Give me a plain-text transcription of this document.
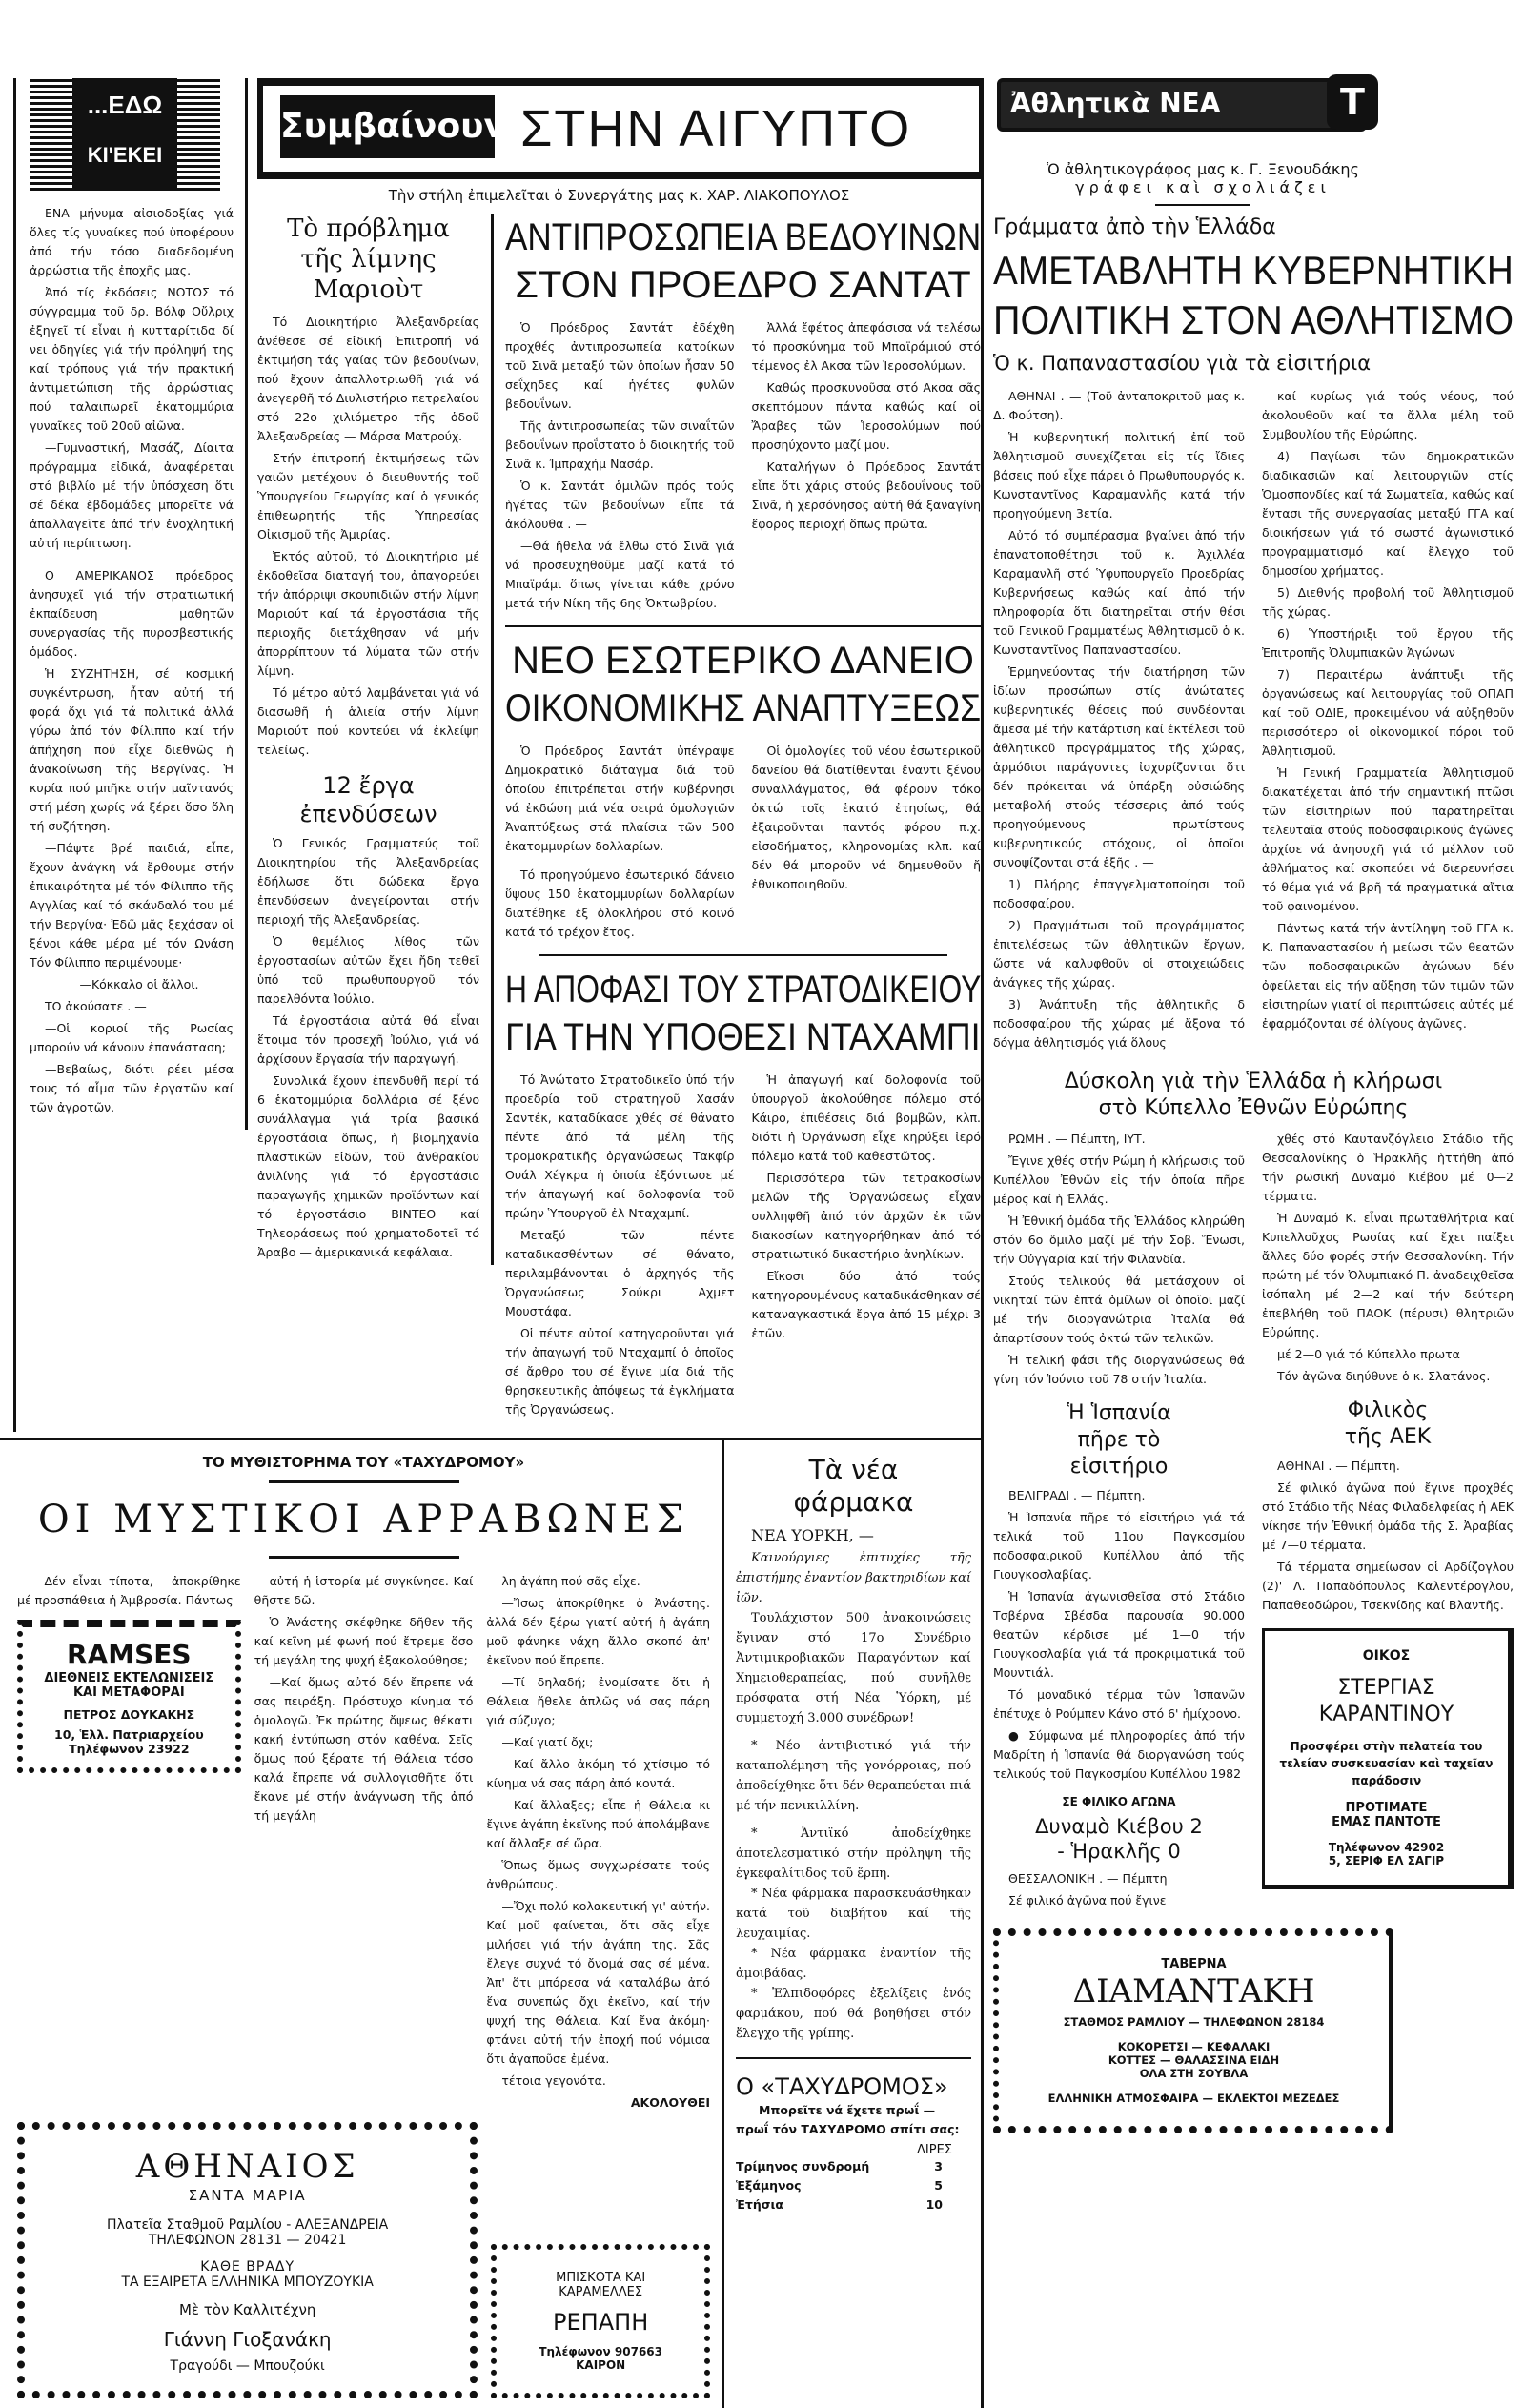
...ΕΔΩ
ΚΙ'ΕΚΕΙ

ΕΝΑ μήνυμα αἰσιοδοξίας γιά ὅλες τίς γυναίκες πού ὑποφέρουν ἀπό τήν τόσο διαδεδομένη ἀρρώστια τῆς ἐποχῆς μας.

Ἀπό τίς ἐκδόσεις ΝΟΤΟΣ τό σύγγραμμα τοῦ δρ. Βόλφ Οὔλριχ ἐξηγεῖ τί εἶναι ἡ κυτταρίτιδα δί νει ὁδηγίες γιά τήν πρόληψή της καί τρόπους γιά τήν πρακτική ἀντιμετώπιση τῆς ἀρρώστιας πού ταλαιπωρεῖ ἑκατομμύρια γυναῖκες τοῦ 20οῦ αἰῶνα.

—Γυμναστική, Μασάζ, Δίαιτα πρόγραμμα εἰδικά, ἀναφέρεται στό βιβλίο μέ τήν ὑπόσχεση ὅτι σέ δέκα ἑβδομάδες μπορεῖτε νά ἀπαλλαγεῖτε ἀπό τήν ἐνοχλητική αὐτή περίπτωση.

Ο ΑΜΕΡΙΚΑΝΟΣ πρόεδρος ἀνησυχεῖ γιά τήν στρατιωτική ἐκπαίδευση μαθητῶν συνεργασίας τῆς πυροσβεστικής ὁμάδος.

Ἡ ΣΥΖΗΤΗΣΗ, σέ κοσμική συγκέντρωση, ἦταν αὐτή τή φορά ὄχι γιά τά πολιτικά ἀλλά γύρω ἀπό τόν Φίλιππο καί τήν ἀπήχηση πού εἶχε διεθνῶς ἡ ἀνακοίνωση τῆς Βεργίνας. Ἡ κυρία πού μπῆκε στήν μαῖντανός στή μέση χωρίς νά ξέρει ὅσο ὅλη τή συζήτηση.

—Πάψτε βρέ παιδιά, εἶπε, ἔχουν ἀνάγκη νά ἔρθουμε στήν ἐπικαιρότητα μέ τόν Φίλιππο τῆς Αγγλίας καί τό σκάνδαλό του μέ τήν Βεργίνα· Ἐδῶ μᾶς ξεχάσαν οἱ ξένοι κάθε μέρα μέ τόν Ωνάση Τόν Φίλιππο περιμένουμε·

—Κόκκαλο οἱ ἄλλοι.

ΤΟ ἀκούσατε . —

—Οἱ κοριοί τῆς Ρωσίας μπορούν νά κάνουν ἐπανάσταση;

—Βεβαίως, διότι ρέει μέσα τους τό αἷμα τῶν ἐργατῶν καί τῶν ἀγροτῶν.

Συμβαίνουν ΣΤΗΝ ΑΙΓΥΠΤΟ
Τὴν στήλη ἐπιμελεῖται ὁ Συνεργάτης μας κ. ΧΑΡ. ΛΙΑΚΟΠΟΥΛΟΣ
Τὸ πρόβλημα
τῆς λίμνης
Μαριοὺτ

Τό Διοικητήριο Ἀλεξανδρείας ἀνέθεσε σέ εἰδική Ἐπιτροπή νά ἐκτιμήση τάς γαίας τῶν βεδουίνων, πού ἔχουν ἀπαλλοτριωθῆ γιά νά ἀνεγερθῆ τό Διυλιστήριο πετρελαίου στό 22ο χιλιόμετρο τῆς ὁδοῦ Ἀλεξανδρείας — Μάρσα Ματρούχ.

Στήν ἐπιτροπή ἐκτιμήσεως τῶν γαιῶν μετέχουν ὁ διευθυντής τοῦ Ὑπουργείου Γεωργίας καί ὁ γενικός ἐπιθεωρητής τῆς Ὑπηρεσίας Οἰκισμοῦ τῆς Ἀμιρίας.

Ἐκτός αὐτοῦ, τό Διοικητήριο μέ ἐκδοθεῖσα διαταγή του, ἀπαγορεύει τήν ἀπόρριψι σκουπιδιῶν στήν λίμνη Μαριούτ καί τά ἐργοστάσια τῆς περιοχῆς διετάχθησαν νά μήν ἀπορρίπτουν τά λύματα τῶν στήν λίμνη.

Τό μέτρο αὐτό λαμβάνεται γιά νά διασωθῆ ἡ ἁλιεία στήν λίμνη Μαριούτ πού κοντεύει νά ἐκλείψη τελείως.

12 ἔργα
ἐπενδύσεων

Ὁ Γενικός Γραμματεύς τοῦ Διοικητηρίου τῆς Ἀλεξανδρείας ἐδήλωσε ὅτι δώδεκα ἔργα ἐπενδύσεων ἀνεγείρονται στήν περιοχή τῆς Ἀλεξανδρείας.

Ὁ θεμέλιος λίθος τῶν ἐργοστασίων αὐτῶν ἔχει ἤδη τεθεῖ ὑπό τοῦ πρωθυπουργοῦ τόν παρελθόντα Ἰούλιο.

Τά ἐργοστάσια αὐτά θά εἶναι ἕτοιμα τόν προσεχῆ Ἰούλιο, γιά νά ἀρχίσουν ἔργασία τήν παραγωγή.

Συνολικά ἔχουν ἐπενδυθῆ περί τά 6 ἑκατομμύρια δολλάρια σέ ξένο συνάλλαγμα γιά τρία βασικά ἐργοστάσια ὅπως, ἡ βιομηχανία πλαστικῶν εἰδῶν, τοῦ ἀνθρακίου ἀνιλίνης γιά τό ἐργοστάσιο παραγωγῆς χημικῶν προϊόντων καί τό ἐργοστάσιο ΒΙΝΤΕΟ καί Τηλεοράσεως πού χρηματοδοτεῖ τό Ἀραβο — ἀμερικανικά κεφάλαια.

ΑΝΤΙΠΡΟΣΩΠΕΙΑ ΒΕΔΟΥΙΝΩΝ
ΣΤΟΝ ΠΡΟΕΔΡΟ ΣΑΝΤΑΤ

Ὁ Πρόεδρος Σαντάτ ἐδέχθη προχθές ἀντιπροσωπεία κατοίκων τοῦ Σινᾶ μεταξύ τῶν ὁποίων ἦσαν 50 σεΐχηδες καί ἡγέτες φυλῶν βεδουΐνων.

Τῆς ἀντιπροσωπείας τῶν σιναΐτῶν βεδουΐνων προΐστατο ὁ διοικητής τοῦ Σινᾶ κ. Ἰμπραχήμ Νασάρ.

Ὁ κ. Σαντάτ ὁμιλῶν πρός τούς ἡγέτας τῶν βεδουΐνων εἶπε τά ἀκόλουθα . —

—Θά ἤθελα νά ἔλθω στό Σινᾶ γιά νά προσευχηθοῦμε μαζί κατά τό Μπαϊράμι ὅπως γίνεται κάθε χρόνο μετά τήν Νίκη τῆς 6ης Ὀκτωβρίου.

Ἀλλά ἔφέτος ἀπεφάσισα νά τελέσω τό προσκύνημα τοῦ Μπαϊράμιού στό τέμενος ἐλ Ακσα τῶν Ἱεροσολύμων.

Καθώς προσκυνοῦσα στό Ακσα σᾶς σκεπτόμουν πάντα καθώς καί οἱ Ἄραβες τῶν Ἱεροσολύμων πού προσηύχοντο μαζί μου.

Καταλήγων ὁ Πρόεδρος Σαντάτ εἶπε ὅτι χάρις στούς βεδουΐνους τοῦ Σινᾶ, ἡ χερσόνησος αὐτή θά ξαναγίνη ἔφορος περιοχή ὅπως πρῶτα.

ΝΕΟ ΕΣΩΤΕΡΙΚΟ ΔΑΝΕΙΟ
ΟΙΚΟΝΟΜΙΚΗΣ ΑΝΑΠΤΥΞΕΩΣ

Ὁ Πρόεδρος Σαντάτ ὑπέγραψε Δημοκρατικό διάταγμα διά τοῦ ὁποίου ἐπιτρέπεται στήν κυβέρνησι νά ἐκδώση μιά νέα σειρά ὁμολογιῶν Ἀναπτύξεως στά πλαίσια τῶν 500 ἑκατομμυρίων δολλαρίων.

Τό προηγούμενο ἐσωτερικό δάνειο ὕψους 150 ἑκατομμυρίων δολλαρίων διατέθηκε ἐξ ὁλοκλήρου στό κοινό κατά τό τρέχον ἔτος.

Οἱ ὁμολογίες τοῦ νέου ἐσωτερικοῦ δανείου θά διατίθενται ἔναντι ξένου συναλλάγματος, θά φέρουν τόκο ὀκτώ τοῖς ἑκατό ἐτησίως, θά ἐξαιροῦνται παντός φόρου π.χ. εἰσοδήματος, κληρονομίας κλπ. καί δέν θά μποροῦν νά δημευθοῦν ἤ ἐθνικοποιηθοῦν.

Η ΑΠΟΦΑΣΙ ΤΟΥ ΣΤΡΑΤΟΔΙΚΕΙΟΥ
ΓΙΑ ΤΗΝ ΥΠΟΘΕΣΙ ΝΤΑΧΑΜΠΙ

Τό Ἀνώτατο Στρατοδικεῖο ὑπό τήν προεδρία τοῦ στρατηγοῦ Χασάν Σαντέκ, καταδίκασε χθές σέ θάνατο πέντε ἀπό τά μέλη τῆς τρομοκρατικῆς ὀργανώσεως Τακφίρ Ουάλ Χέγκρα ἡ ὁποία ἐξόντωσε μέ τήν ἀπαγωγή καί δολοφονία τοῦ πρώην Ὑπουργοῦ ἐλ Νταχαμπί.

Μεταξύ τῶν πέντε καταδικασθέντων σέ θάνατο, περιλαμβάνονται ὁ ἀρχηγός τῆς Ὀργανώσεως Σούκρι Αχμετ Μουστάφα.

Οἱ πέντε αὐτοί κατηγοροῦνται γιά τήν ἀπαγωγή τοῦ Νταχαμπί ὁ ὁποῖος σέ ἄρθρο του σέ ἔγινε μία διά τῆς θρησκευτικῆς ἀπόψεως τά ἐγκλήματα τῆς Ὀργανώσεως.

Ἡ ἀπαγωγή καί δολοφονία τοῦ ὑπουργοῦ ἀκολούθησε πόλεμο στό Κάιρο, ἐπιθέσεις διά βομβῶν, κλπ. διότι ἡ Ὀργάνωση εἶχε κηρύξει ἱερό πόλεμο κατά τοῦ καθεστῶτος.

Περισσότερα τῶν τετρακοσίων μελῶν τῆς Ὀργανώσεως εἶχαν συλληφθῆ ἀπό τόν ἀρχῶν ἐκ τῶν διακοσίων κατηγορήθηκαν ἀπό τό στρατιωτικό δικαστήριο ἀνηλίκων.

Εἴκοσι δύο ἀπό τούς κατηγορουμένους καταδικάσθηκαν σέ καταναγκαστικά ἔργα ἀπό 15 μέχρι 3 ἐτῶν.

ΤΟ ΜΥΘΙΣΤΟΡΗΜΑ ΤΟΥ «ΤΑΧΥΔΡΟΜΟΥ»
ΟΙ ΜΥΣΤΙΚΟΙ ΑΡΡΑΒΩΝΕΣ

—Δέν εἶναι τίποτα, - ἀποκρίθηκε μέ προσπάθεια ἡ Ἀμβροσία. Πάντως

RAMSES
ΔΙΕΘΝΕΙΣ ΕΚΤΕΛΩΝΙΣΕΙΣ
ΚΑΙ ΜΕΤΑΦΟΡΑΙ
ΠΕΤΡΟΣ ΔΟΥΚΑΚΗΣ
10, Ἑλλ. Πατριαρχείου
Τηλέφωνον 23922

αὐτή ἡ ἱστορία μέ συγκίνησε. Καί θῆστε δῶ.

Ὁ Ἀνάστης σκέφθηκε δῆθεν τῆς καί κεῖνη μέ φωνή πού ἔτρεμε ὅσο τή μεγάλη της ψυχή ἐξακολούθησε;

—Καί ὅμως αὐτό δέν ἔπρεπε νά σας πειράξη. Πρόστυχο κίνημα τό ὁμολογῶ. Ἐκ πρώτης ὄψεως θέκατι κακή ἐντύπωση στόν καθένα. Σεῖς ὅμως πού ξέρατε τή Θάλεια τόσο καλά ἔπρεπε νά συλλογισθῆτε ὅτι ἔκανε μέ στήν ἀνάγνωση τῆς ἀπό τή μεγάλη

λη ἀγάπη πού σᾶς εἶχε.

—Ἴσως ἀποκρίθηκε ὁ Ἀνάστης. ἀλλά δέν ξέρω γιατί αὐτή ἡ ἀγάπη μοῦ φάνηκε νάχη ἄλλο σκοπό ἀπ' ἐκεῖνον πού ἔπρεπε.

—Τί δηλαδή; ἐνομίσατε ὅτι ἡ Θάλεια ἤθελε ἁπλῶς νά σας πάρη γιά σύζυγο;

—Καί γιατί ὄχι;

—Καί ἄλλο ἀκόμη τό χτίσιμο τό κίνημα νά σας πάρη ἀπό κοντά.

—Καί ἄλλαξες; εἶπε ἡ Θάλεια κι ἔγινε ἀγάπη ἐκεῖνης πού ἀπολάμβανε καί ἄλλαξε σέ ὥρα.

Ὅπως ὅμως συγχωρέσατε τούς ἀνθρώπους.

—Ὄχι πολύ κολακευτική γι' αὐτήν. Καί μοῦ φαίνεται, ὅτι σᾶς εἶχε μιλήσει γιά τήν ἀγάπη της. Σᾶς ἔλεγε συχνά τό ὄνομά σας σέ μένα. Ἀπ' ὅτι μπόρεσα νά καταλάβω ἀπό ἕνα συνεπώς ὄχι ἐκεῖνο, καί τήν ψυχή της Θάλεια. Καί ἔνα ἀκόμη· φτάνει αὐτή τήν ἐποχή πού νόμισα ὅτι ἀγαποῦσε ἐμένα.

τέτοια γεγονότα.

ΑΚΟΛΟΥΘΕΙ
ΑΘΗΝΑΙΟΣ
ΣΑΝΤΑ ΜΑΡΙΑ
Πλατεῖα Σταθμοῦ Ραμλίου - ΑΛΕΞΑΝΔΡΕΙΑ
ΤΗΛΕΦΩΝΟΝ 28131 — 20421
ΚΑΘΕ ΒΡΑΔΥ
ΤΑ ΕΞΑΙΡΕΤΑ ΕΛΛΗΝΙΚΑ ΜΠΟΥΖΟΥΚΙΑ
Μὲ τὸν Καλλιτέχνη
Γιάννη Γιοξανάκη
Τραγούδι — Μπουζούκι
ΜΠΙΣΚΟΤΑ ΚΑΙ
ΚΑΡΑΜΕΛΛΕΣ
ΡΕΠΑΠΗ
Τηλέφωνον 907663
ΚΑΙΡΟΝ
Τὰ νέα
φάρμακα
ΝΕΑ ΥΟΡΚΗ, —

Καινούργιες ἐπιτυχίες τῆς ἐπιστήμης ἐναντίον βακτηριδίων καί ἰῶν.

Τουλάχιστον 500 ἀνακοινώσεις ἔγιναν στό 17ο Συνέδριο Ἀντιμικροβιακῶν Παραγόντων καί Χημειοθεραπείας, πού συνῆλθε πρόσφατα στή Νέα Ὑόρκη, μέ συμμετοχή 3.000 συνέδρων!

* Νέο ἀντιβιοτικό γιά τήν καταπολέμηση τῆς γονόρροιας, πού ἀποδείχθηκε ὅτι δέν θεραπεύεται πιά μέ τήν πενικιλλίνη.

* Ἀντιϊκό ἀποδείχθηκε ἀποτελεσματικό στήν πρόληψη τῆς ἐγκεφαλίτιδος τοῦ ἕρπη.

* Νέα φάρμακα παρασκευάσθηκαν κατά τοῦ διαβήτου καί τῆς λευχαιμίας.

* Νέα φάρμακα ἐναντίον τῆς ἀμοιβάδας.

* Ἐλπιδοφόρες ἐξελίξεις ἑνός φαρμάκου, πού θά βοηθήσει στόν ἔλεγχο τῆς γρίπης.

Ο «ΤΑΧΥΔΡΟΜΟΣ»
Μπορεῖτε νά ἔχετε πρωΐ — πρωΐ τόν ΤΑΧΥΔΡΟΜΟ σπίτι σας:
ΛΙΡΕΣ
Τρίμηνος συνδρομή	3
Ἑξάμηνος	5
Ἐτήσια	10
Ἀθλητικὰ ΝΕΑ	T
Ὁ ἀθλητικογράφος μας κ. Γ. Ξενουδάκης
γράφει καὶ σχολιάζει
Γράμματα ἀπὸ τὴν Ἑλλάδα
ΑΜΕΤΑΒΛΗΤΗ ΚΥΒΕΡΝΗΤΙΚΗ
ΠΟΛΙΤΙΚΗ ΣΤΟΝ ΑΘΛΗΤΙΣΜΟ
Ὁ κ. Παπαναστασίου γιὰ τὰ εἰσιτήρια

ΑΘΗΝΑΙ . — (Τοῦ ἀνταποκριτοῦ μας κ. Δ. Φούτση).

Ἡ κυβερνητική πολιτική ἐπί τοῦ Ἀθλητισμοῦ συνεχίζεται εἰς τίς ἴδιες βάσεις πού εἶχε πάρει ὁ Πρωθυπουργός κ. Κωνσταντῖνος Καραμανλῆς κατά τήν προηγούμενη 3ετία.

Αὐτό τό συμπέρασμα βγαίνει ἀπό τήν ἐπανατοποθέτησι τοῦ κ. Ἀχιλλέα Καραμανλῆ στό Ὑφυπουργεῖο Προεδρίας Κυβερνήσεως καθώς καί ἀπό τήν πληροφορία ὅτι διατηρεῖται στήν θέσι τοῦ Γενικοῦ Γραμματέως Ἀθλητισμοῦ ὁ κ. Κωνσταντῖνος Παπαναστασίου.

Ἑρμηνεύοντας τήν διατήρηση τῶν ἰδίων προσώπων στίς ἀνώτατες κυβερνητικές θέσεις πού συνδέονται ἄμεσα μέ τήν κατάρτιση καί ἐκτέλεσι τοῦ ἀθλητικοῦ προγράμματος τῆς χώρας, ἁρμόδιοι παράγοντες ἰσχυρίζονται ὅτι δέν πρόκειται νά ὑπάρξη οὐσιώδης μεταβολή στούς τέσσερις ἀπό τούς προηγούμενους πρωτίστους κυβερνητικούς στόχους, οἱ ὁποῖοι συνοψίζονται στά ἑξῆς . —

1) Πλήρης ἐπαγγελματοποίησι τοῦ ποδοσφαίρου.

2) Πραγμάτωσι τοῦ προγράμματος ἐπιτελέσεως τῶν ἀθλητικῶν ἔργων, ὥστε νά καλυφθοῦν οἱ στοιχειώδεις ἀνάγκες τῆς χώρας.

3) Ἀνάπτυξη τῆς ἀθλητικῆς δ ποδοσφαίρου τῆς χώρας μέ ἄξονα τό δόγμα ἀθλητισμός γιά ὅλους

καί κυρίως γιά τούς νέους, πού ἀκολουθοῦν καί τα ἄλλα μέλη τοῦ Συμβουλίου τῆς Εὐρώπης.

4) Παγίωσι τῶν δημοκρατικῶν διαδικασιῶν καί λειτουργιῶν στίς Ὁμοσπονδίες καί τά Σωματεῖα, καθώς καί ἔντασι τῆς συνεργασίας μεταξύ ΓΓΑ καί διοικήσεων γιά τό σωστό ἀγωνιστικό προγραμματισμό καί ἔλεγχο τοῦ δημοσίου χρήματος.

5) Διεθνής προβολή τοῦ Ἀθλητισμοῦ τῆς χώρας.

6) Ὑποστήριξι τοῦ ἔργου τῆς Ἐπιτροπῆς Ὀλυμπιακῶν Ἀγώνων

7) Περαιτέρω ἀνάπτυξι τῆς ὀργανώσεως καί λειτουργίας τοῦ ΟΠΑΠ καί τοῦ ΟΔΙΕ, προκειμένου νά αὐξηθοῦν περισσότερο οἱ οἰκονομικοί πόροι τοῦ Ἀθλητισμοῦ.

Ἡ Γενική Γραμματεία Ἀθλητισμοῦ διακατέχεται ἀπό τήν σημαντική πτῶσι τῶν εἰσιτηρίων πού παρατηρεῖται τελευταῖα στούς ποδοσφαιρικούς ἀγῶνες ἀρχίσε νά ἀνησυχῆ γιά τό μέλλον τοῦ ἀθλήματος καί σκοπεύει νά διερευνήσει τό θέμα γιά νά βρῆ τά πραγματικά αἴτια τοῦ φαινομένου.

Πάντως κατά τήν ἀντίληψη τοῦ ΓΓΑ κ. Κ. Παπαναστασίου ἡ μείωσι τῶν θεατῶν τῶν ποδοσφαιρικῶν ἀγώνων δέν ὀφείλεται εἰς τήν αὔξηση τῶν τιμῶν τῶν εἰσιτηρίων γιατί οἱ περιπτώσεις αὐτές μέ ἐφαρμόζονται σέ ὀλίγους ἀγῶνες.

Δύσκολη γιὰ τὴν Ἑλλάδα ἡ κλήρωσι
στὸ Κύπελλο Ἐθνῶν Εὐρώπης

ΡΩΜΗ . — Πέμπτη, ΙΥΤ.

Ἔγινε χθές στήν Ρώμη ἡ κλήρωσις τοῦ Κυπέλλου Ἐθνῶν εἰς τήν ὁποία πῆρε μέρος καί ἡ Ἑλλάς.

Ἡ Ἐθνική ὁμάδα τῆς Ἑλλάδος κληρώθη στόν 6ο ὅμιλο μαζί μέ τήν Σοβ. Ἕνωσι, τήν Οὐγγαρία καί τήν Φιλανδία.

Στούς τελικούς θά μετάσχουν οἱ νικηταί τῶν ἑπτά ὁμίλων οἱ ὁποῖοι μαζί μέ τήν διοργανώτρια Ἰταλία θά ἀπαρτίσουν τούς ὀκτώ τῶν τελικῶν.

Ἡ τελική φάσι τῆς διοργανώσεως θά γίνη τόν Ἰούνιο τοῦ 78 στήν Ἰταλία.

Ἡ Ἱσπανία
πῆρε τὸ
εἰσιτήριο

ΒΕΛΙΓΡΑΔΙ . — Πέμπτη.

Ἡ Ἱσπανία πῆρε τό εἰσιτήριο γιά τά τελικά τοῦ 11ου Παγκοσμίου ποδοσφαιρικοῦ Κυπέλλου ἀπό τῆς Γιουγκοσλαβίας.

Ἡ Ἱσπανία ἀγωνισθεῖσα στό Στάδιο Τσβέρνα Σβέσδα παρουσία 90.000 θεατῶν κέρδισε μέ 1—0 τήν Γιουγκοσλαβία γιά τά προκριματικά τοῦ Μουντιάλ.

Τό μοναδικό τέρμα τῶν Ἱσπανῶν ἐπέτυχε ὁ Ρούμπεν Κάνο στό 6' ἡμίχρονο.

● Σύμφωνα μέ πληροφορίες ἀπό τήν Μαδρίτη ἡ Ἱσπανία θά διοργανώση τούς τελικούς τοῦ Παγκοσμίου Κυπέλλου 1982

ΣΕ ΦΙΛΙΚΟ ΑΓΩΝΑ
Δυναμὸ Κιέβου 2
- Ἡρακλῆς 0

ΘΕΣΣΑΛΟΝΙΚΗ . — Πέμπτη

Σέ φιλικό ἀγῶνα πού ἔγινε

χθές στό Καυτανζόγλειο Στάδιο τῆς Θεσσαλονίκης ὁ Ἡρακλῆς ἡττήθη ἀπό τήν ρωσική Δυναμό Κιέβου μέ 0—2 τέρματα.

Ἡ Δυναμό Κ. εἶναι πρωταθλήτρια καί Κυπελλοῦχος Ρωσίας καί ἔχει παίξει ἄλλες δύο φορές στήν Θεσσαλονίκη. Τήν πρώτη μέ τόν Ὀλυμπιακό Π. ἀναδειχθεῖσα ἰσόπαλη μέ 2—2 καί τήν δεύτερη ἐπεβλήθη τοῦ ΠΑΟΚ (πέρυσι) θλητριῶν Εὐρώπης.

μέ 2—0 γιά τό Κύπελλο πρωτα

Τόν ἀγῶνα διηύθυνε ὁ κ. Σλατάνος.

Φιλικὸς
τῆς ΑΕΚ

ΑΘΗΝΑΙ . — Πέμπτη.

Σέ φιλικό ἀγῶνα πού ἔγινε προχθές στό Στάδιο τῆς Νέας Φιλαδελφείας ἡ ΑΕΚ νίκησε τήν Ἐθνική ὁμάδα τῆς Σ. Ἀραβίας μέ 7—0 τέρματα.

Τά τέρματα σημείωσαν οἱ Αρδίζογλου (2)' Λ. Παπαδόπουλος Καλεντέρογλου, Παπαθεοδώρου, Τσεκνίδης καί Βλαντῆς.

ΟΙΚΟΣ
ΣΤΕΡΓΙΑΣ
ΚΑΡΑΝΤΙΝΟΥ
Προσφέρει στὴν πελατεία του τελείαν συσκευασίαν καὶ ταχεῖαν παράδοσιν
ΠΡΟΤΙΜΑΤΕ
ΕΜΑΣ ΠΑΝΤΟΤΕ
Τηλέφωνον 42902
5, ΣΕΡΙΦ ΕΛ ΣΑΓΙΡ
ΤΑΒΕΡΝΑ
ΔΙΑΜΑΝΤΑΚΗ
ΣΤΑΘΜΟΣ ΡΑΜΛΙΟΥ — ΤΗΛΕΦΩΝΟΝ 28184
ΚΟΚΟΡΕΤΣΙ — ΚΕΦΑΛΑΚΙ
ΚΟΤΤΕΣ — ΘΑΛΑΣΣΙΝΑ ΕΙΔΗ
ΟΛΑ ΣΤΗ ΣΟΥΒΛΑ
ΕΛΛΗΝΙΚΗ ΑΤΜΟΣΦΑΙΡΑ — ΕΚΛΕΚΤΟΙ ΜΕΖΕΔΕΣ
